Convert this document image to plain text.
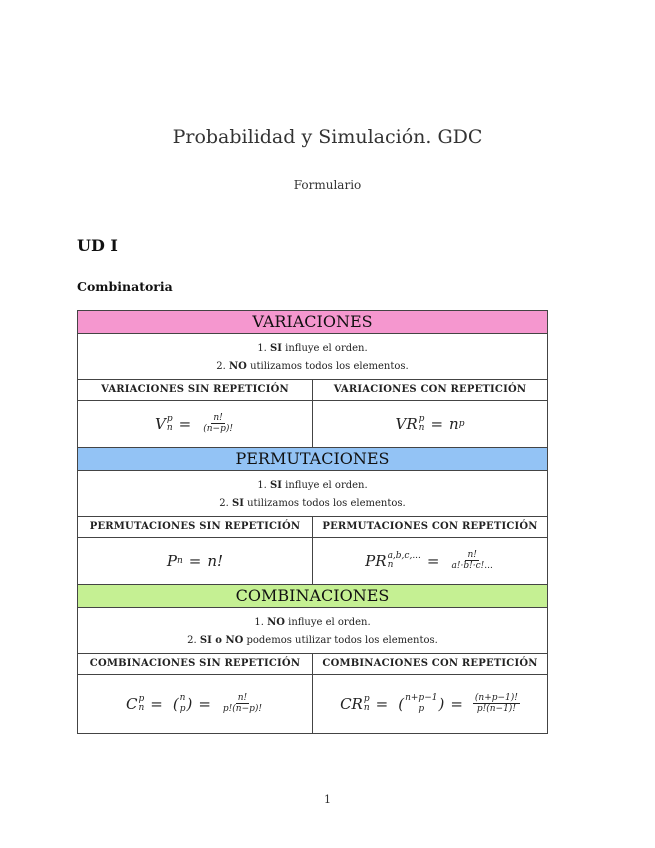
Probabilidad y Simulación. GDC
Formulario
UD I
Combinatoria
VARIACIONES
1. SI influye el orden.
2. NO utilizamos todos los elementos.
VARIACIONES SIN REPETICIÓN
V p
$n = \frac{n!}{(n-p)!}$
VARIACIONES CON REPETICIÓN
VR p
n = n p
PERMUTACIONES
1. SI influye el orden.
2. SI utilizamos todos los elementos.
PERMUTACIONES SIN REPETICIÓN
P n = n!
PERMUTACIONES CON REPETICIÓN
PR a,b,c,...
n	= $\frac{n!}{a!\cdot b!\cdot c!...}$
COMBINACIONES
1. NO influye el orden.
2. SI o NO podemos utilizar todos los elementos.
COMBINACIONES SIN REPETICIÓN
C p
n = ( n
p ) = $\frac{n!}{p!(n-p)!}$
COMBINACIONES CON REPETICIÓN
CR p
n = ( n+p−1
p ) = $\frac{(n+p-1)!}{p!(n-1)!}$
1
